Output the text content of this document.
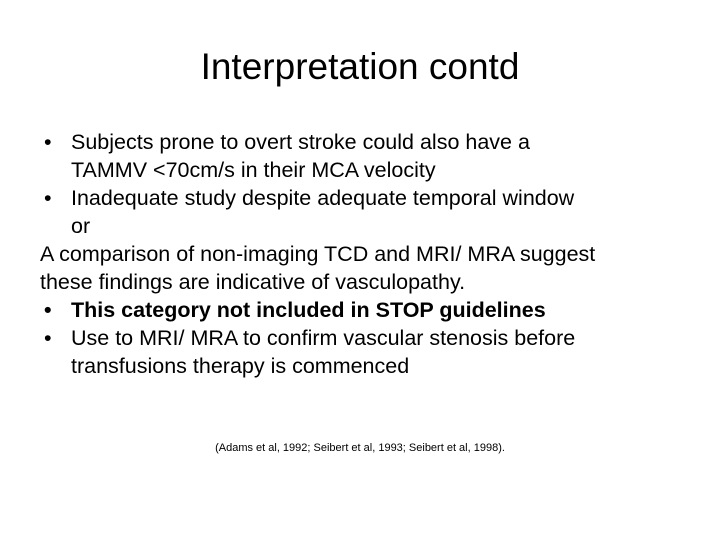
Interpretation contd
• Subjects prone to overt stroke could also have a
TAMMV <70cm/s in their MCA velocity
• Inadequate study despite adequate temporal window
or
A comparison of non-imaging TCD and MRI/ MRA suggest
these findings are indicative of vasculopathy.
• This category not included in STOP guidelines
• Use to MRI/ MRA to confirm vascular stenosis before
transfusions therapy is commenced
(Adams et al, 1992; Seibert et al, 1993; Seibert et al, 1998).
